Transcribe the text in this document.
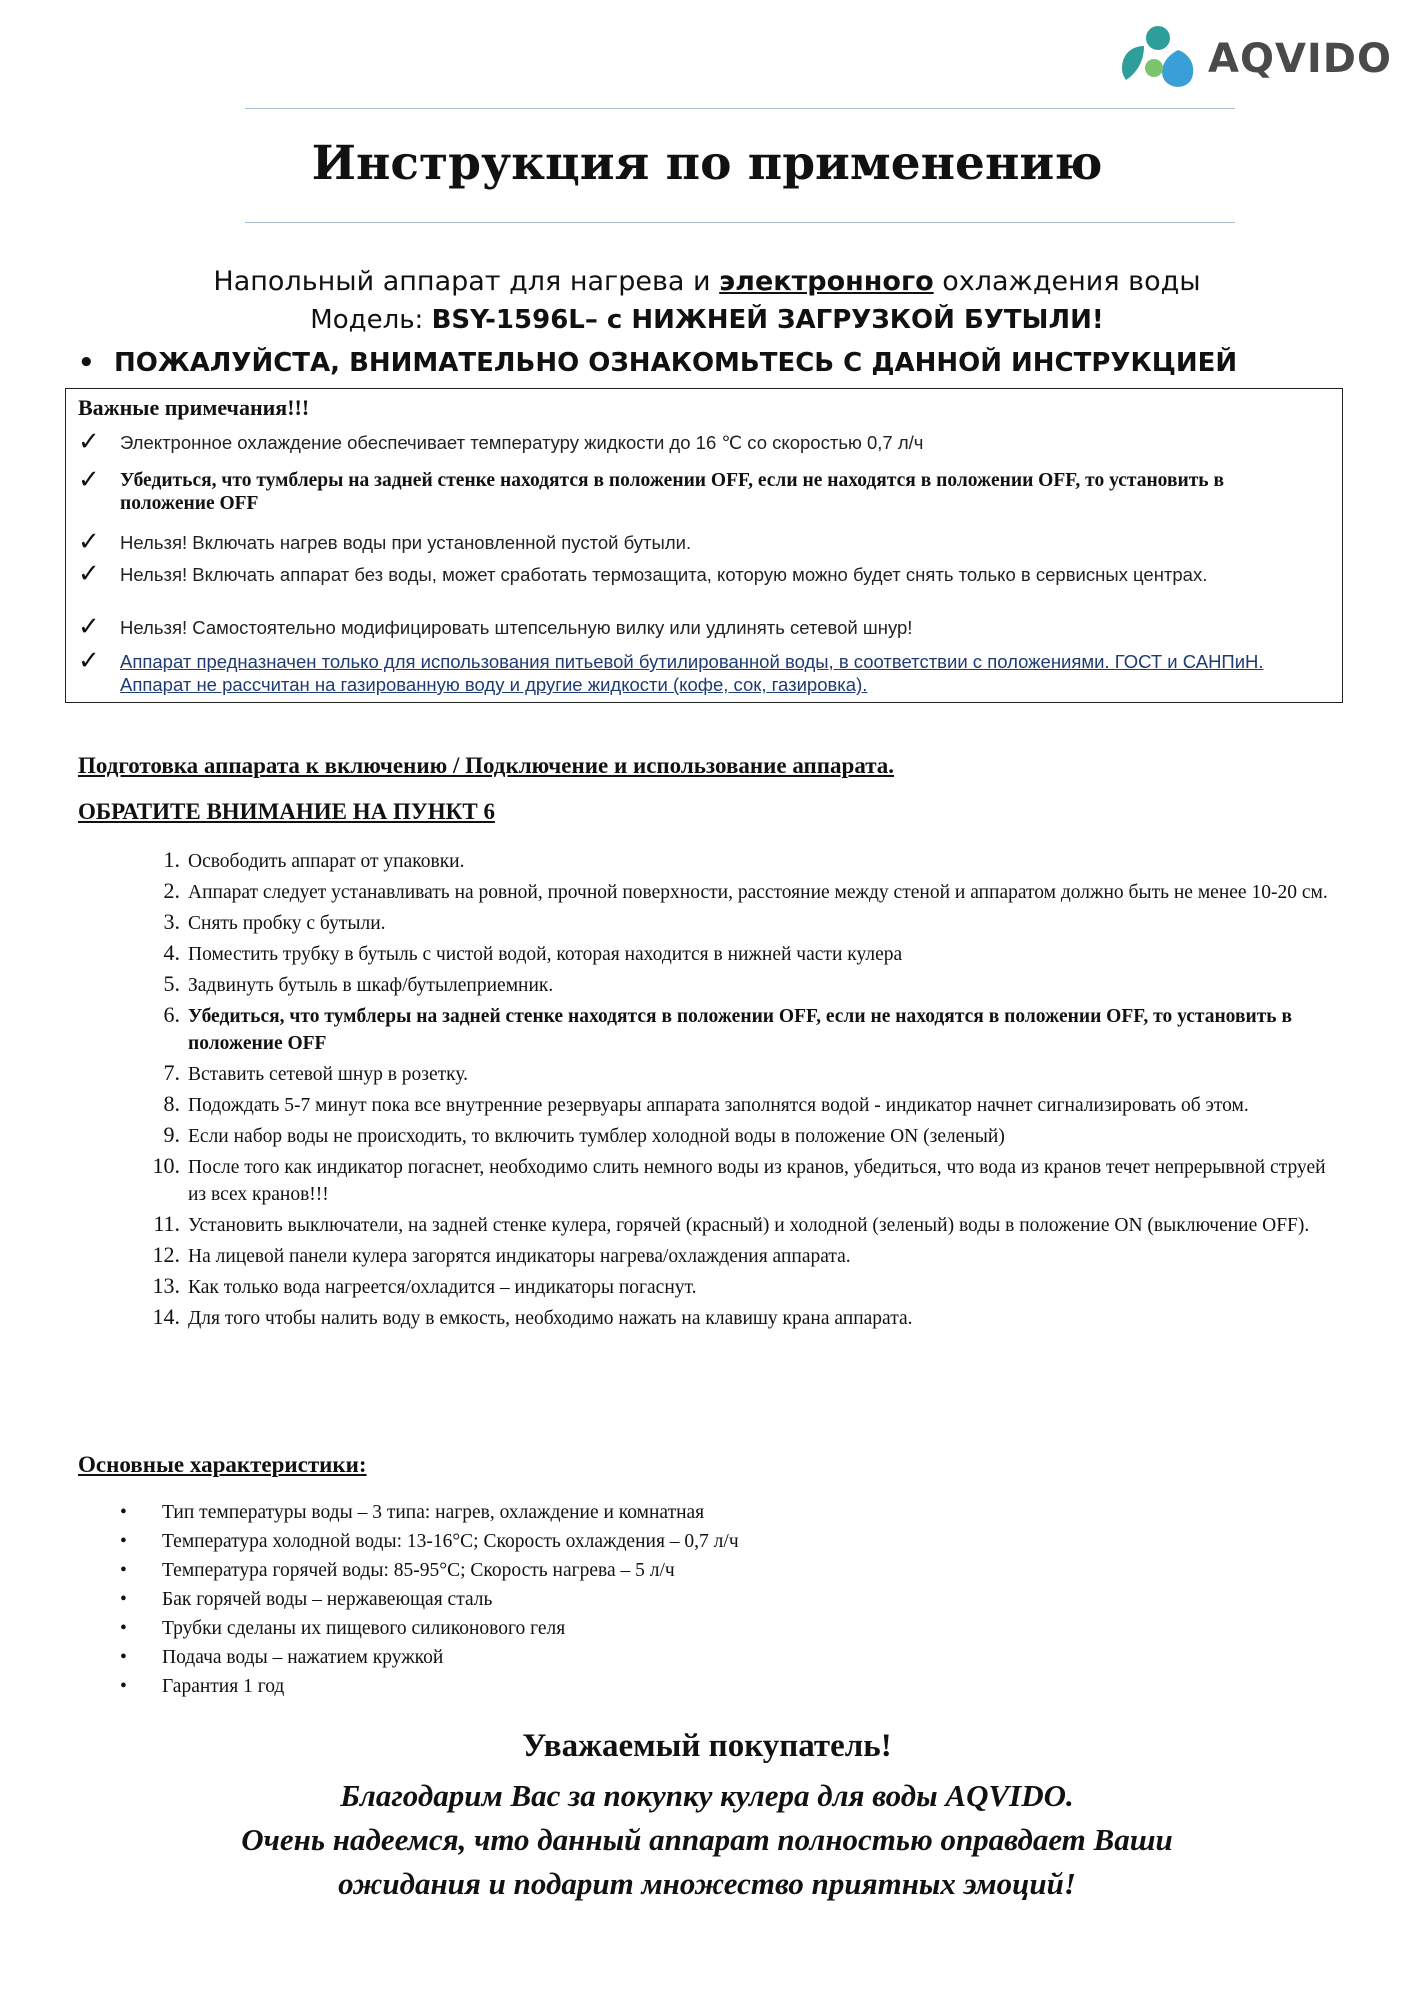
AQVIDO
Инструкция по применению
Напольный аппарат для нагрева и электронного охлаждения воды
Модель: BSY-1596L– с НИЖНЕЙ ЗАГРУЗКОЙ БУТЫЛИ!
• ПОЖАЛУЙСТА, ВНИМАТЕЛЬНО ОЗНАКОМЬТЕСЬ С ДАННОЙ ИНСТРУКЦИЕЙ
Важные примечания!!!
✓ Электронное охлаждение обеспечивает температуру жидкости до 16 ℃ со скоростью 0,7 л/ч
✓ Убедиться, что тумблеры на задней стенке находятся в положении OFF, если не находятся в положении OFF, то установить в положение OFF
✓ Нельзя! Включать нагрев воды при установленной пустой бутыли.
✓ Нельзя! Включать аппарат без воды, может сработать термозащита, которую можно будет снять только в сервисных центрах.
✓ Нельзя! Самостоятельно модифицировать штепсельную вилку или удлинять сетевой шнур!
✓ Аппарат предназначен только для использования питьевой бутилированной воды, в соответствии с положениями. ГОСТ и САНПиН. Аппарат не рассчитан на газированную воду и другие жидкости (кофе, сок, газировка).
Подготовка аппарата к включению / Подключение и использование аппарата.
ОБРАТИТЕ ВНИМАНИЕ НА ПУНКТ 6
1. Освободить аппарат от упаковки.
2. Аппарат следует устанавливать на ровной, прочной поверхности, расстояние между стеной и аппаратом должно быть не менее 10-20 см.
3. Снять пробку с бутыли.
4. Поместить трубку в бутыль с чистой водой, которая находится в нижней части кулера
5. Задвинуть бутыль в шкаф/бутылеприемник.
6. Убедиться, что тумблеры на задней стенке находятся в положении OFF, если не находятся в положении OFF, то установить в положение OFF
7. Вставить сетевой шнур в розетку.
8. Подождать 5-7 минут пока все внутренние резервуары аппарата заполнятся водой - индикатор начнет сигнализировать об этом.
9. Если набор воды не происходить, то включить тумблер холодной воды в положение ON (зеленый)
10. После того как индикатор погаснет, необходимо слить немного воды из кранов, убедиться, что вода из кранов течет непрерывной струей из всех кранов!!!
11. Установить выключатели, на задней стенке кулера, горячей (красный) и холодной (зеленый) воды в положение ON (выключение OFF).
12. На лицевой панели кулера загорятся индикаторы нагрева/охлаждения аппарата.
13. Как только вода нагреется/охладится – индикаторы погаснут.
14. Для того чтобы налить воду в емкость, необходимо нажать на клавишу крана аппарата.
Основные характеристики:
• Тип температуры воды – 3 типа: нагрев, охлаждение и комнатная
• Температура холодной воды: 13-16°C; Скорость охлаждения – 0,7 л/ч
• Температура горячей воды: 85-95°C; Скорость нагрева – 5 л/ч
• Бак горячей воды – нержавеющая сталь
• Трубки сделаны их пищевого силиконового геля
• Подача воды – нажатием кружкой
• Гарантия 1 год
Уважаемый покупатель!
Благодарим Вас за покупку кулера для воды AQVIDO.
Очень надеемся, что данный аппарат полностью оправдает Ваши
ожидания и подарит множество приятных эмоций!
